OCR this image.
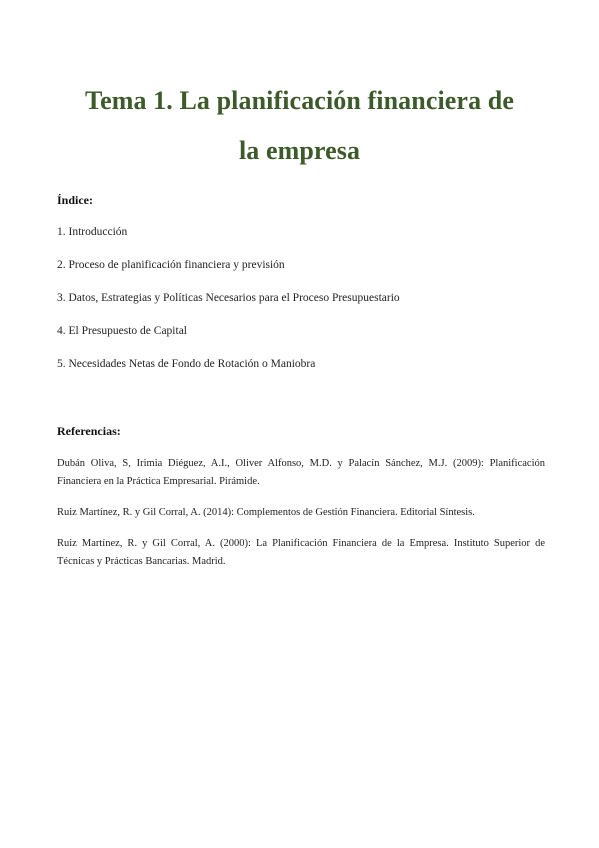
Tema 1. La planificación financiera de
la empresa
Índice:
1. Introducción
2. Proceso de planificación financiera y previsión
3. Datos, Estrategias y Políticas Necesarios para el Proceso Presupuestario
4. El Presupuesto de Capital
5. Necesidades Netas de Fondo de Rotación o Maniobra
Referencias:
Dubán Oliva, S, Irimia Diéguez, A.I., Oliver Alfonso, M.D. y Palacín Sánchez, M.J. (2009): Planificación Financiera en la Práctica Empresarial. Pirámide.
Ruiz Martínez, R. y Gil Corral, A. (2014): Complementos de Gestión Financiera. Editorial Síntesis.
Ruiz Martínez, R. y Gil Corral, A. (2000): La Planificación Financiera de la Empresa. Instituto Superior de Técnicas y Prácticas Bancarias. Madrid.
